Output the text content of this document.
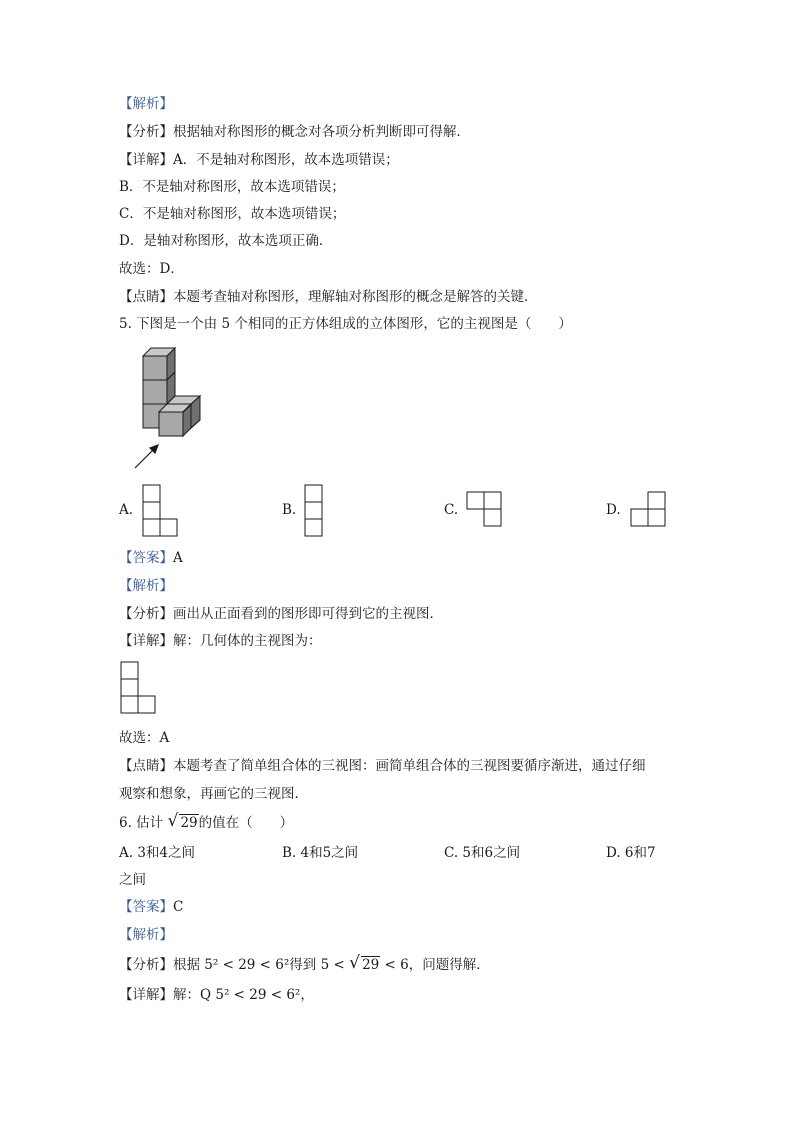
【解析】
【分析】根据轴对称图形的概念对各项分析判断即可得解．
【详解】A．不是轴对称图形，故本选项错误；
B．不是轴对称图形，故本选项错误；
C．不是轴对称图形，故本选项错误；
D．是轴对称图形，故本选项正确．
故选：D．
【点睛】本题考查轴对称图形，理解轴对称图形的概念是解答的关键．
5. 下图是一个由 5 个相同的正方体组成的立体图形，它的主视图是（　　）
A.	B.	C.	D.
【答案】A
【解析】
【分析】画出从正面看到的图形即可得到它的主视图．
【详解】解：几何体的主视图为：
故选：A
【点睛】本题考查了简单组合体的三视图：画简单组合体的三视图要循序渐进，通过仔细
观察和想象，再画它的三视图．
6. 估计 √ 29的值在（　　）
A. 3和4之间	B. 4和5之间	C. 5和6之间	D. 6和7
之间
【答案】C
【解析】
【分析】根据 5² < 29 < 6²得到 5 < √ 29 < 6，问题得解．
【详解】解：Q 5² < 29 < 6²，
